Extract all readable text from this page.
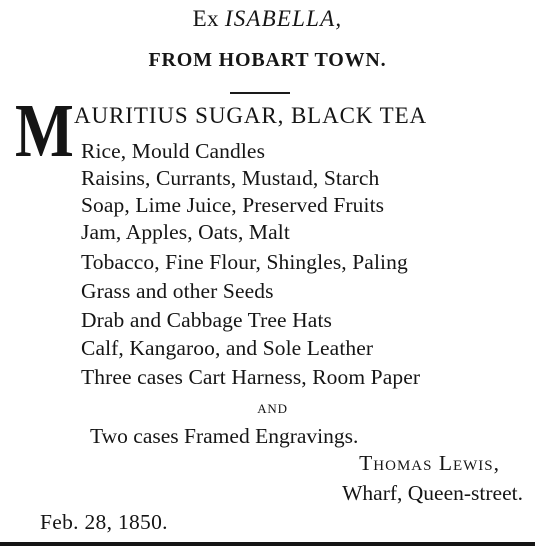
Ex ISABELLA,
FROM HOBART TOWN.
M AURITIUS SUGAR, BLACK TEA
Rice, Mould Candles
Raisins, Currants, Mustaıd, Starch
Soap, Lime Juice, Preserved Fruits
Jam, Apples, Oats, Malt
Tobacco, Fine Flour, Shingles, Paling
Grass and other Seeds
Drab and Cabbage Tree Hats
Calf, Kangaroo, and Sole Leather
Three cases Cart Harness, Room Paper
AND
Two cases Framed Engravings.
Thomas Lewis,
Wharf, Queen-street.
Feb. 28, 1850.
